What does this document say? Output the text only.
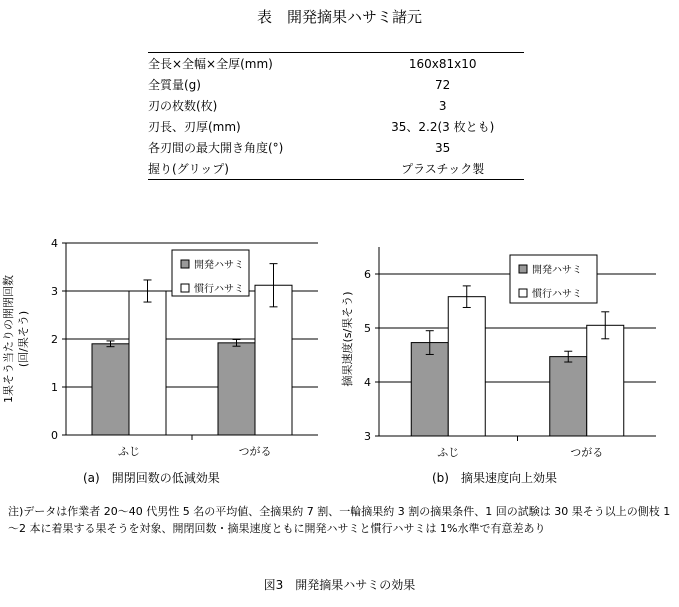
表　開発摘果ハサミ諸元
全長×全幅×全厚(mm)	160x81x10
全質量(g)	72
刃の枚数(枚)	3
刃長、刃厚(mm)	35、2.2(3 枚とも)
各刃間の最大開き角度(°)	35
握り(グリップ)	プラスチック製
0
1
2
3
4
ふじ	つがる
開発ハサミ
慣行ハサミ
1果そう当たりの開閉回数 (回/果そう)
3
4
5
6
ふじ	つがる
開発ハサミ
慣行ハサミ
摘果速度(s/果そう)
(a)　開閉回数の低減効果	(b)　摘果速度向上効果
注)データは作業者 20～40 代男性 5 名の平均値、全摘果約 7 割、一輪摘果約 3 割の摘果条件、1 回の試験は 30 果そう以上の側枝 1～2 本に着果する果そうを対象、開閉回数・摘果速度ともに開発ハサミと慣行ハサミは 1%水準で有意差あり
図3　開発摘果ハサミの効果
